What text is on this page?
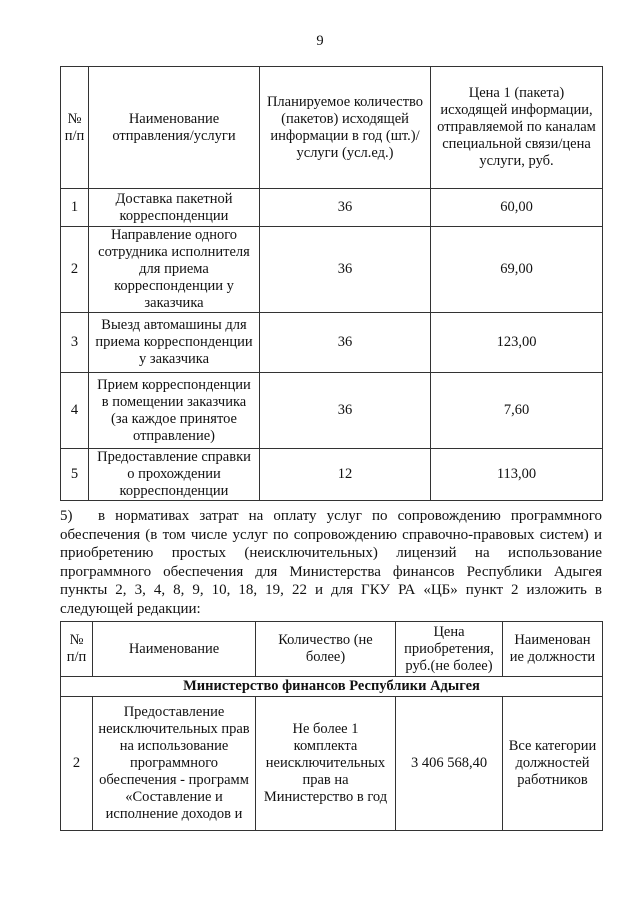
9
№ п/п	Наименование отправления/услуги	Планируемое количество (пакетов) исходящей информации в год (шт.)/услуги (усл.ед.)	Цена 1 (пакета) исходящей информации, отправляемой по каналам специальной связи/цена услуги, руб.
1	Доставка пакетной корреспонденции	36	60,00
2	Направление одного сотрудника исполнителя для приема корреспонденции у заказчика	36	69,00
3	Выезд автомашины для приема корреспонденции у заказчика	36	123,00
4	Прием корреспонденции в помещении заказчика (за каждое принятое отправление)	36	7,60
5	Предоставление справки о прохождении корреспонденции	12	113,00
5) в нормативах затрат на оплату услуг по сопровождению программного обеспечения (в том числе услуг по сопровождению справочно-правовых систем) и приобретению простых (неисключительных) лицензий на использование программного обеспечения для Министерства финансов Республики Адыгея пункты 2, 3, 4, 8, 9, 10, 18, 19, 22 и для ГКУ РА «ЦБ» пункт 2 изложить в следующей редакции:
№ п/п	Наименование	Количество (не более)	Цена приобретения, руб.(не более)	Наименован ие должности
Министерство финансов Республики Адыгея				
2	Предоставление неисключительных прав на использование программного обеспечения - программ «Составление и исполнение доходов и	Не более 1 комплекта неисключительных прав на Министерство в год	3 406 568,40	Все категории должностей работников
